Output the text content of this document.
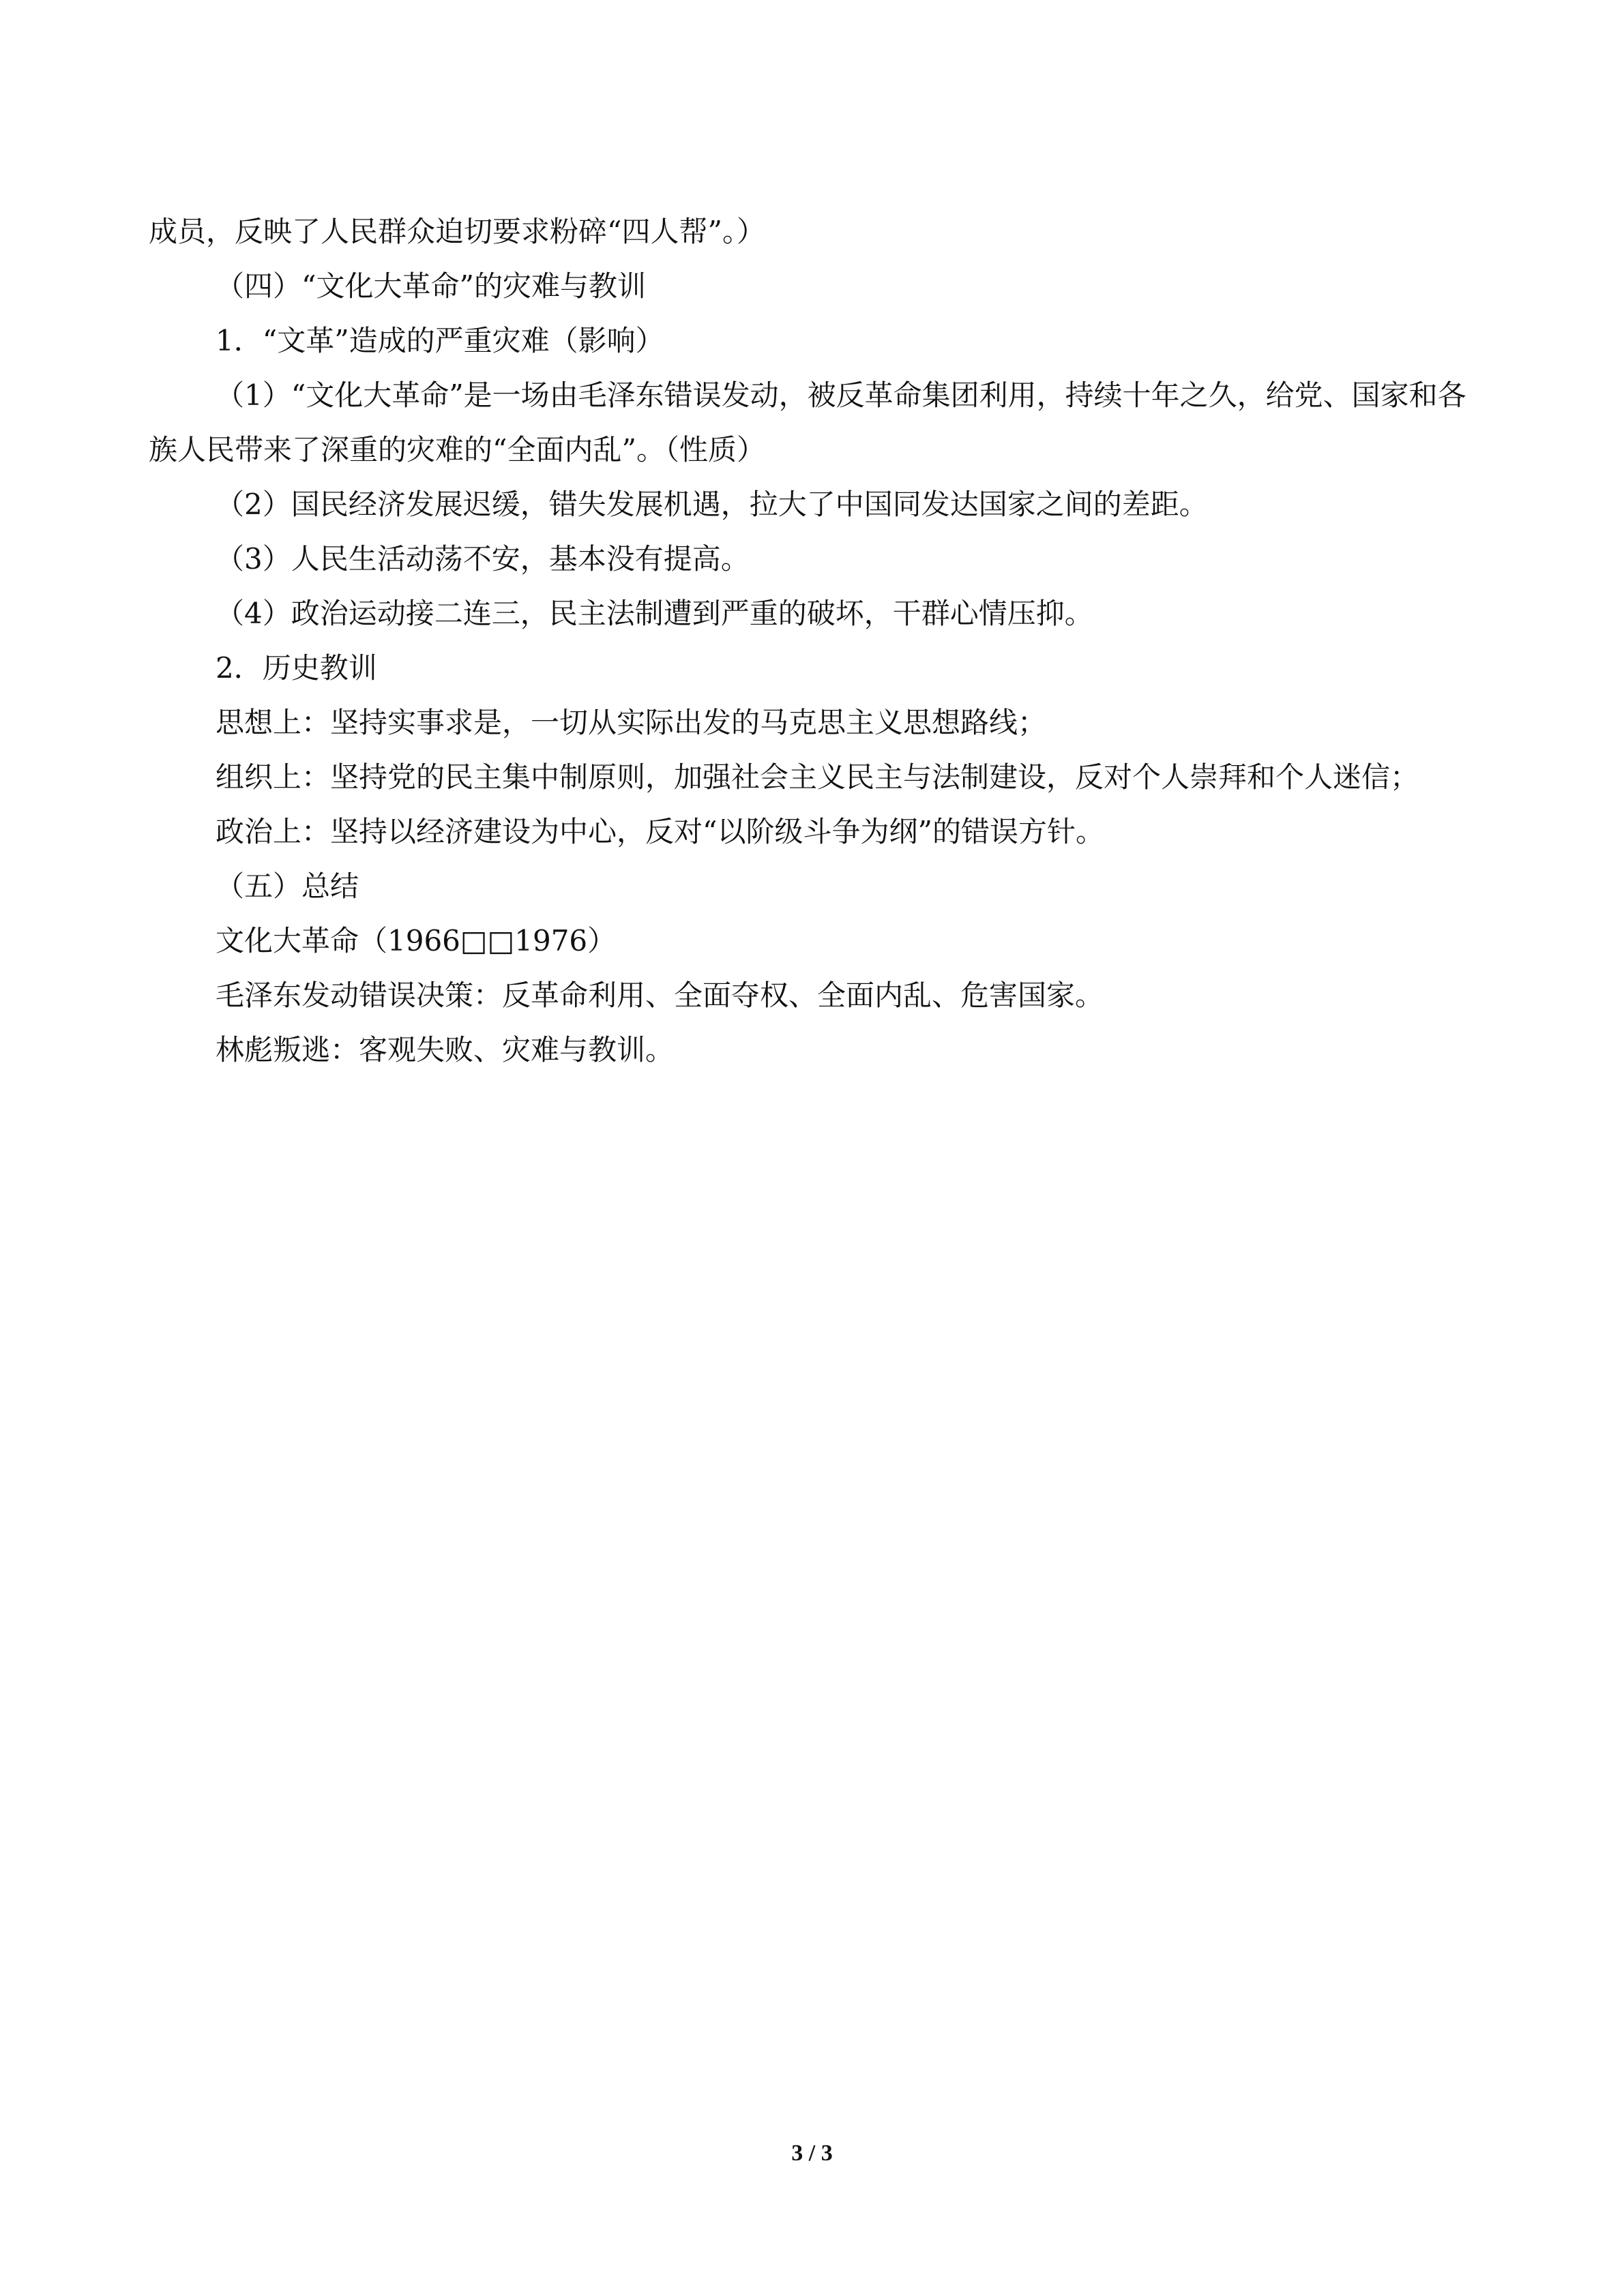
成员，反映了人民群众迫切要求粉碎“四人帮”。）

（四）“文化大革命”的灾难与教训

1．“文革”造成的严重灾难（影响）

（1）“文化大革命”是一场由毛泽东错误发动，被反革命集团利用，持续十年之久，给党、国家和各族人民带来了深重的灾难的“全面内乱”。（性质）

（2）国民经济发展迟缓，错失发展机遇，拉大了中国同发达国家之间的差距。

（3）人民生活动荡不安，基本没有提高。

（4）政治运动接二连三，民主法制遭到严重的破坏，干群心情压抑。

2．历史教训

思想上：坚持实事求是，一切从实际出发的马克思主义思想路线；

组织上：坚持党的民主集中制原则，加强社会主义民主与法制建设，反对个人崇拜和个人迷信；

政治上：坚持以经济建设为中心，反对“以阶级斗争为纲”的错误方针。

（五）总结

文化大革命（1966□□1976）

毛泽东发动错误决策：反革命利用、全面夺权、全面内乱、危害国家。

林彪叛逃：客观失败、灾难与教训。

3 / 3
